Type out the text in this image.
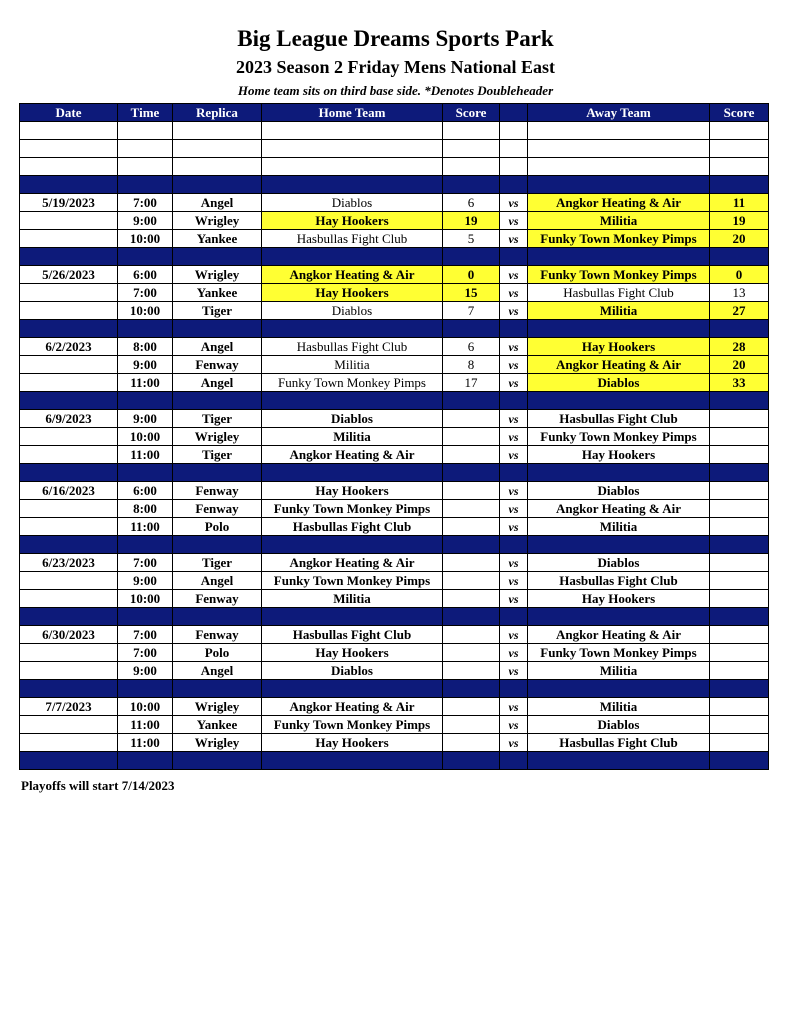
Big League Dreams Sports Park
2023 Season 2 Friday Mens National East
Home team sits on third base side. *Denotes Doubleheader
Date	Time	Replica	Home Team	Score		Away Team	Score

5/19/2023	7:00	Angel	Diablos	6	vs	Angkor Heating & Air	11
	9:00	Wrigley	Hay Hookers	19	vs	Militia	19
	10:00	Yankee	Hasbullas Fight Club	5	vs	Funky Town Monkey Pimps	20

5/26/2023	6:00	Wrigley	Angkor Heating & Air	0	vs	Funky Town Monkey Pimps	0
	7:00	Yankee	Hay Hookers	15	vs	Hasbullas Fight Club	13
	10:00	Tiger	Diablos	7	vs	Militia	27

6/2/2023	8:00	Angel	Hasbullas Fight Club	6	vs	Hay Hookers	28
	9:00	Fenway	Militia	8	vs	Angkor Heating & Air	20
	11:00	Angel	Funky Town Monkey Pimps	17	vs	Diablos	33

6/9/2023	9:00	Tiger	Diablos		vs	Hasbullas Fight Club	
	10:00	Wrigley	Militia		vs	Funky Town Monkey Pimps	
	11:00	Tiger	Angkor Heating & Air		vs	Hay Hookers	

6/16/2023	6:00	Fenway	Hay Hookers		vs	Diablos	
	8:00	Fenway	Funky Town Monkey Pimps		vs	Angkor Heating & Air	
	11:00	Polo	Hasbullas Fight Club		vs	Militia	

6/23/2023	7:00	Tiger	Angkor Heating & Air		vs	Diablos	
	9:00	Angel	Funky Town Monkey Pimps		vs	Hasbullas Fight Club	
	10:00	Fenway	Militia		vs	Hay Hookers	

6/30/2023	7:00	Fenway	Hasbullas Fight Club		vs	Angkor Heating & Air	
	7:00	Polo	Hay Hookers		vs	Funky Town Monkey Pimps	
	9:00	Angel	Diablos		vs	Militia	

7/7/2023	10:00	Wrigley	Angkor Heating & Air		vs	Militia	
	11:00	Yankee	Funky Town Monkey Pimps		vs	Diablos	
	11:00	Wrigley	Hay Hookers		vs	Hasbullas Fight Club	

Playoffs will start 7/14/2023
